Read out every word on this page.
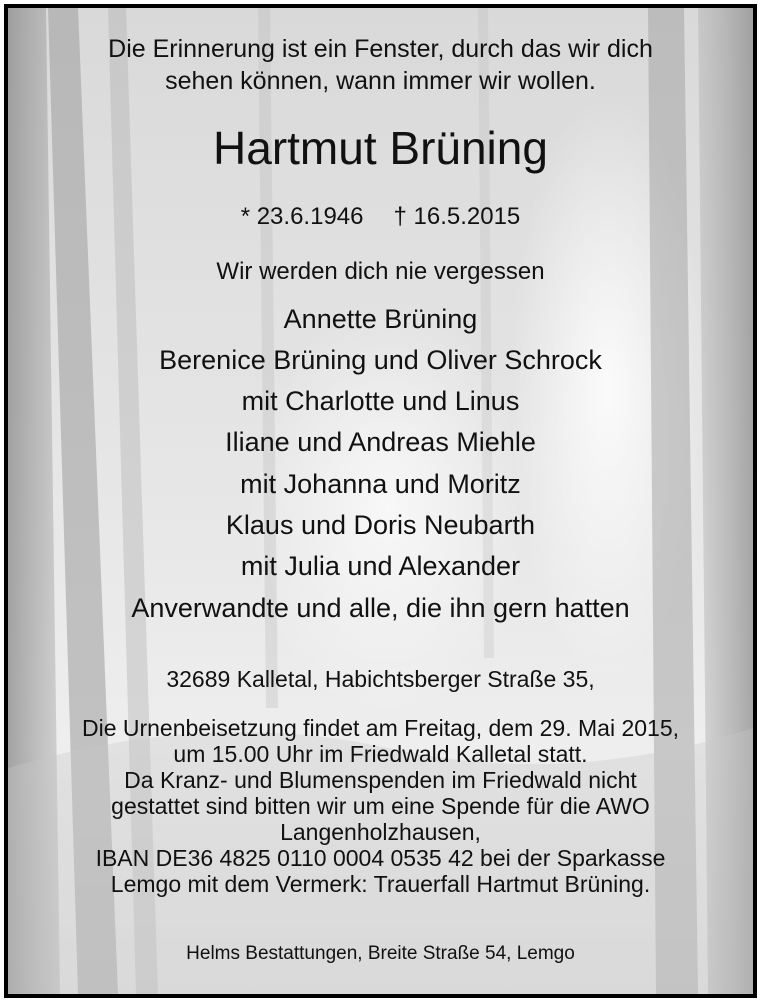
Die Erinnerung ist ein Fenster, durch das wir dich
sehen können, wann immer wir wollen.
Hartmut Brüning
* 23.6.1946 † 16.5.2015
Wir werden dich nie vergessen
Annette Brüning
Berenice Brüning und Oliver Schrock
mit Charlotte und Linus
Iliane und Andreas Miehle
mit Johanna und Moritz
Klaus und Doris Neubarth
mit Julia und Alexander
Anverwandte und alle, die ihn gern hatten
32689 Kalletal, Habichtsberger Straße 35,
Die Urnenbeisetzung findet am Freitag, dem 29. Mai 2015,
um 15.00 Uhr im Friedwald Kalletal statt.
Da Kranz- und Blumenspenden im Friedwald nicht
gestattet sind bitten wir um eine Spende für die AWO
Langenholzhausen,
IBAN DE36 4825 0110 0004 0535 42 bei der Sparkasse
Lemgo mit dem Vermerk: Trauerfall Hartmut Brüning.
Helms Bestattungen, Breite Straße 54, Lemgo
